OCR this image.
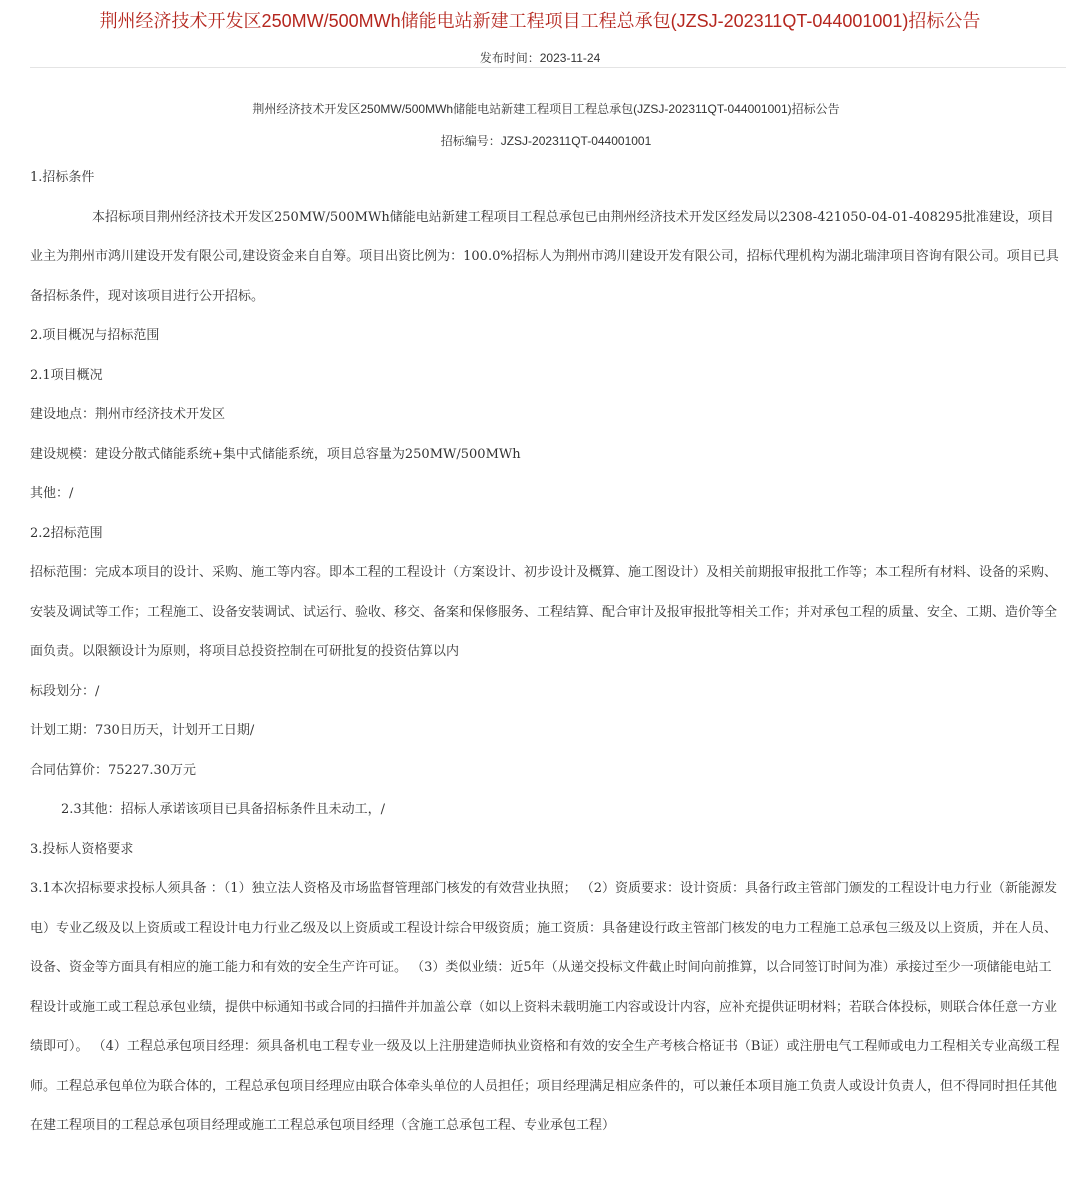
荆州经济技术开发区250MW/500MWh储能电站新建工程项目工程总承包(JZSJ-202311QT-044001001)招标公告
发布时间：2023-11-24
荆州经济技术开发区250MW/500MWh储能电站新建工程项目工程总承包(JZSJ-202311QT-044001001)招标公告
招标编号：JZSJ-202311QT-044001001

1.招标条件

本招标项目荆州经济技术开发区250MW/500MWh储能电站新建工程项目工程总承包已由荆州经济技术开发区经发局以2308-421050-04-01-408295批准建设，项目业主为荆州市鸿川建设开发有限公司,建设资金来自自筹。项目出资比例为：100.0%招标人为荆州市鸿川建设开发有限公司，招标代理机构为湖北瑞津项目咨询有限公司。项目已具备招标条件，现对该项目进行公开招标。

2.项目概况与招标范围

2.1项目概况

建设地点：荆州市经济技术开发区

建设规模：建设分散式储能系统+集中式储能系统，项目总容量为250MW/500MWh

其他：/

2.2招标范围

招标范围：完成本项目的设计、采购、施工等内容。即本工程的工程设计（方案设计、初步设计及概算、施工图设计）及相关前期报审报批工作等；本工程所有材料、设备的采购、安装及调试等工作；工程施工、设备安装调试、试运行、验收、移交、备案和保修服务、工程结算、配合审计及报审报批等相关工作；并对承包工程的质量、安全、工期、造价等全面负责。以限额设计为原则，将项目总投资控制在可研批复的投资估算以内

标段划分：/

计划工期：730日历天，计划开工日期/

合同估算价：75227.30万元

2.3其他：招标人承诺该项目已具备招标条件且未动工，/

3.投标人资格要求

3.1本次招标要求投标人须具备 ：（1）独立法人资格及市场监督管理部门核发的有效营业执照； （2）资质要求：设计资质：具备行政主管部门颁发的工程设计电力行业（新能源发电）专业乙级及以上资质或工程设计电力行业乙级及以上资质或工程设计综合甲级资质；施工资质：具备建设行政主管部门核发的电力工程施工总承包三级及以上资质，并在人员、设备、资金等方面具有相应的施工能力和有效的安全生产许可证。 （3）类似业绩：近5年（从递交投标文件截止时间向前推算，以合同签订时间为准）承接过至少一项储能电站工程设计或施工或工程总承包业绩，提供中标通知书或合同的扫描件并加盖公章（如以上资料未载明施工内容或设计内容，应补充提供证明材料；若联合体投标，则联合体任意一方业绩即可）。 （4）工程总承包项目经理：须具备机电工程专业一级及以上注册建造师执业资格和有效的安全生产考核合格证书（B证）或注册电气工程师或电力工程相关专业高级工程师。工程总承包单位为联合体的，工程总承包项目经理应由联合体牵头单位的人员担任；项目经理满足相应条件的，可以兼任本项目施工负责人或设计负责人，但不得同时担任其他在建工程项目的工程总承包项目经理或施工工程总承包项目经理（含施工总承包工程、专业承包工程）
